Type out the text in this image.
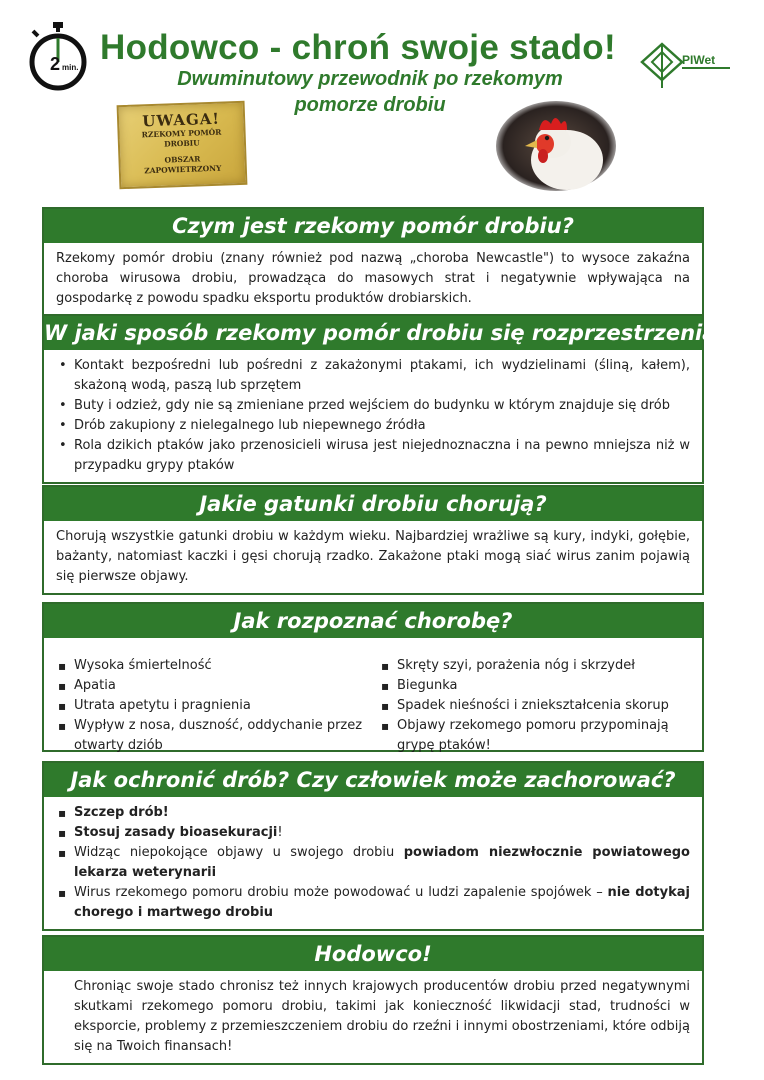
2 min.
Hodowco - chroń swoje stado!
Dwuminutowy przewodnik po rzekomym
pomorze drobiu
PIWet
UWAGA!
RZEKOMY POMÓR
DROBIU
OBSZAR
ZAPOWIETRZONY
Czym jest rzekomy pomór drobiu?
Rzekomy pomór drobiu (znany również pod nazwą „choroba Newcastle") to wysoce zakaźna choroba wirusowa drobiu, prowadząca do masowych strat i negatywnie wpływająca na gospodarkę z powodu spadku eksportu produktów drobiarskich.
W jaki sposób rzekomy pomór drobiu się rozprzestrzenia?
• Kontakt bezpośredni lub pośredni z zakażonymi ptakami, ich wydzielinami (śliną, kałem), skażoną wodą, paszą lub sprzętem
• Buty i odzież, gdy nie są zmieniane przed wejściem do budynku w którym znajduje się drób
• Drób zakupiony z nielegalnego lub niepewnego źródła
• Rola dzikich ptaków jako przenosicieli wirusa jest niejednoznaczna i na pewno mniejsza niż w przypadku grypy ptaków
Jakie gatunki drobiu chorują?
Chorują wszystkie gatunki drobiu w każdym wieku. Najbardziej wrażliwe są kury, indyki, gołębie, bażanty, natomiast kaczki i gęsi chorują rzadko. Zakażone ptaki mogą siać wirus zanim pojawią się pierwsze objawy.
Jak rozpoznać chorobę?
▪ Wysoka śmiertelność
▪ Apatia
▪ Utrata apetytu i pragnienia
▪ Wypływ z nosa, duszność, oddychanie przez otwarty dziób
▪ Skręty szyi, porażenia nóg i skrzydeł
▪ Biegunka
▪ Spadek nieśności i zniekształcenia skorup
▪ Objawy rzekomego pomoru przypominają grypę ptaków!
Jak ochronić drób? Czy człowiek może zachorować?
▪ Szczep drób!
▪ Stosuj zasady bioasekuracji!
▪ Widząc niepokojące objawy u swojego drobiu powiadom niezwłocznie powiatowego lekarza weterynarii
▪ Wirus rzekomego pomoru drobiu może powodować u ludzi zapalenie spojówek – nie dotykaj chorego i martwego drobiu
Hodowco!
Chroniąc swoje stado chronisz też innych krajowych producentów drobiu przed negatywnymi skutkami rzekomego pomoru drobiu, takimi jak konieczność likwidacji stad, trudności w eksporcie, problemy z przemieszczeniem drobiu do rzeźni i innymi obostrzeniami, które odbiją się na Twoich finansach!
